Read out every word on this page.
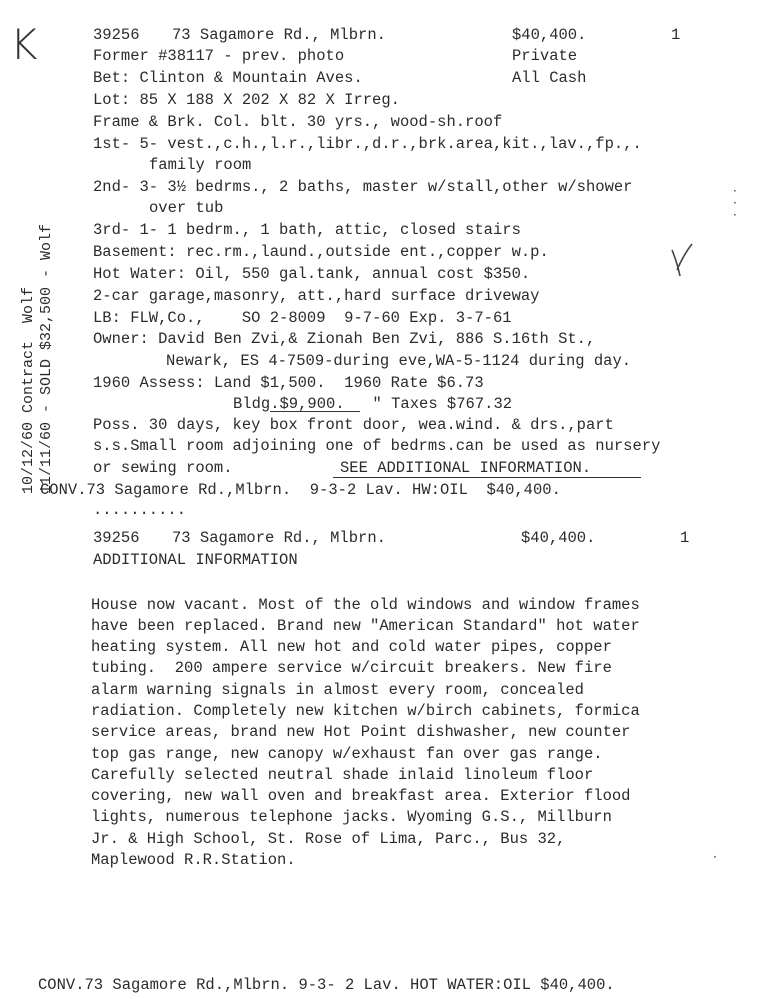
K
10/12/60 Contract  Wolf 11/11/60 - SOLD $32,500 - Wolf
39256 73 Sagamore Rd., Mlbrn.	$40,400.	1
Former #38117 - prev. photo	Private
Bet: Clinton & Mountain Aves.	All Cash
Lot: 85 X 188 X 202 X 82 X Irreg.
Frame & Brk. Col. blt. 30 yrs., wood-sh.roof
1st- 5- vest.,c.h.,l.r.,libr.,d.r.,brk.area,kit.,lav.,fp.,.
family room
2nd- 3- 3½ bedrms., 2 baths, master w/stall,other w/shower
over tub
3rd- 1- 1 bedrm., 1 bath, attic, closed stairs
Basement: rec.rm.,laund.,outside ent.,copper w.p.
Hot Water: Oil, 550 gal.tank, annual cost $350.
2-car garage,masonry, att.,hard surface driveway
LB: FLW,Co.,    SO 2-8009  9-7-60 Exp. 3-7-61
Owner: David Ben Zvi,& Zionah Ben Zvi, 886 S.16th St.,
Newark, ES 4-7509-during eve,WA-5-1124 during day.
1960 Assess: Land $1,500.  1960 Rate $6.73
Bldg.$9,900.   " Taxes $767.32
Poss. 30 days, key box front door, wea.wind. & drs.,part
s.s.Small room adjoining one of bedrms.can be used as nursery
or sewing room.	SEE ADDITIONAL INFORMATION.
CONV.73 Sagamore Rd.,Mlbrn.  9-3-2 Lav. HW:OIL  $40,400.
..........
·
·
·
39256 73 Sagamore Rd., Mlbrn.	$40,400.	1
ADDITIONAL INFORMATION
House now vacant. Most of the old windows and window frames
have been replaced. Brand new "American Standard" hot water
heating system. All new hot and cold water pipes, copper
tubing.  200 ampere service w/circuit breakers. New fire
alarm warning signals in almost every room, concealed
radiation. Completely new kitchen w/birch cabinets, formica
service areas, brand new Hot Point dishwasher, new counter
top gas range, new canopy w/exhaust fan over gas range.
Carefully selected neutral shade inlaid linoleum floor
covering, new wall oven and breakfast area. Exterior flood
lights, numerous telephone jacks. Wyoming G.S., Millburn
Jr. & High School, St. Rose of Lima, Parc., Bus 32,
Maplewood R.R.Station.	·
CONV.73 Sagamore Rd.,Mlbrn. 9-3- 2 Lav. HOT WATER:OIL $40,400.
